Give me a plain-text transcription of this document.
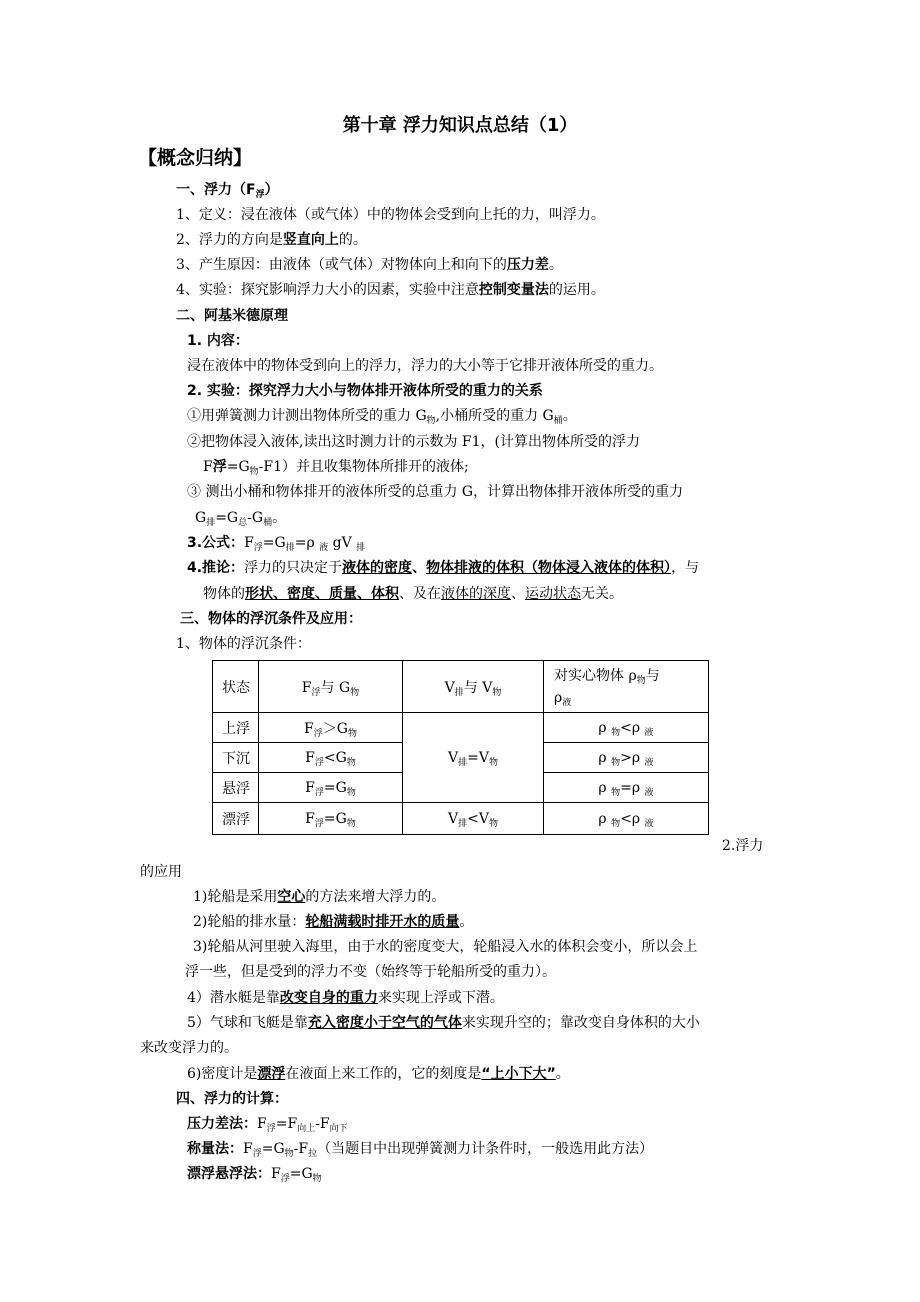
第十章 浮力知识点总结（1）
【概念归纳】
一、浮力$(F_浮)$
1、定义：浸在液体（或气体）中的物体会受到向上托的力，叫浮力。
2、浮力的方向是竖直向上的。
3、产生原因：由液体（或气体）对物体向上和向下的压力差。
4、实验：探究影响浮力大小的因素，实验中注意控制变量法的运用。
二、阿基米德原理
1. 内容：
浸在液体中的物体受到向上的浮力，浮力的大小等于它排开液体所受的重力。
2. 实验：探究浮力大小与物体排开液体所受的重力的关系
①用弹簧测力计测出物体所受的重力 $G_物$,小桶所受的重力 $G_桶$。
②把物体浸入液体,读出这时测力计的示数为 F1，(计算出物体所受的浮力
F浮$=G_物-F1$）并且收集物体所排开的液体;
③ 测出小桶和物体排开的液体所受的总重力 G，计算出物体排开液体所受的重力
$G_排=G_总-G_桶$。
3.公式：$F_浮=G_排=\rho$ $_液$ gV $_排$
4.推论：浮力的只决定于液体的密度、物体排液的体积（物体浸入液体的体积），与
物体的形状、密度、质量、体积、及在液体的深度、运动状态无关。
三、物体的浮沉条件及应用：
1、物体的浮沉条件：
状态	$F_浮$与 $G_物$	$V_排$与 $V_物$	对实心物体 $\rho_物$与
$\rho_液$
上浮	$F_浮>G_物$	$V_排=V_物$	ρ $_物$<ρ $_液$
下沉	$F_浮<G_物$		ρ $_物$>ρ $_液$
悬浮	$F_浮=G_物$		ρ $_物$=ρ $_液$
漂浮	$F_浮=G_物$	$V_排<V_物$	ρ $_物$<ρ $_液$
2.浮力
的应用
1)轮船是采用空心的方法来增大浮力的。
2)轮船的排水量：轮船满载时排开水的质量。
3)轮船从河里驶入海里，由于水的密度变大，轮船浸入水的体积会变小，所以会上
浮一些，但是受到的浮力不变（始终等于轮船所受的重力）。
4）潜水艇是靠改变自身的重力来实现上浮或下潜。
5）气球和飞艇是靠充入密度小于空气的气体来实现升空的；靠改变自身体积的大小
来改变浮力的。
6)密度计是漂浮在液面上来工作的，它的刻度是“上小下大”。
四、浮力的计算：
压力差法：$F_浮=F_{向上}-F_{向下}$
称量法：$F_浮=G_物-F_拉$（当题目中出现弹簧测力计条件时，一般选用此方法）
漂浮悬浮法：$F_浮=G_物$
